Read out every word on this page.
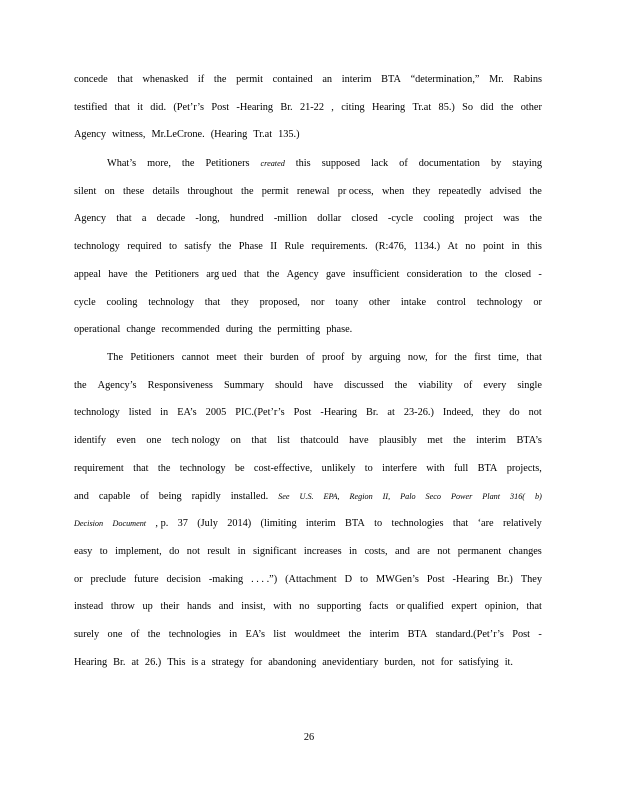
concede that whenasked if the permit contained an interim BTA “determination,” Mr. Rabins
testified that it did. (Pet’r’s Post -Hearing Br. 21-22 , citing Hearing Tr.at 85.) So did the other
Agency witness, Mr.LeCrone. (Hearing Tr.at 135.)
What’s more, the Petitioners created this supposed lack of documentation by staying
silent on these details throughout the permit renewal pr ocess, when they repeatedly advised the
Agency that a decade -long, hundred -million dollar closed -cycle cooling project was the
technology required to satisfy the Phase II Rule requirements. (R:476, 1134.) At no point in this
appeal have the Petitioners arg ued that the Agency gave insufficient consideration to the closed -
cycle cooling technology that they proposed, nor toany other intake control technology or
operational change recommended during the permitting phase.
The Petitioners cannot meet their burden of proof by arguing now, for the first time, that
the Agency’s Responsiveness Summary should have discussed the viability of every single
technology listed in EA’s 2005 PIC.(Pet’r’s Post -Hearing Br. at 23-26.) Indeed, they do not
identify even one tech nology on that list thatcould have plausibly met the interim BTA’s
requirement that the technology be cost-effective, unlikely to interfere with full BTA projects,
and capable of being rapidly installed. See U.S. EPA, Region II, Palo Seco Power Plant 316( b)
Decision Document , p. 37 (July 2014) (limiting interim BTA to technologies that ‘are relatively
easy to implement, do not result in significant increases in costs, and are not permanent changes
or preclude future decision -making . . . .”) (Attachment D to MWGen’s Post -Hearing Br.) They
instead throw up their hands and insist, with no supporting facts or qualified expert opinion, that
surely one of the technologies in EA’s list wouldmeet the interim BTA standard.(Pet’r’s Post -
Hearing Br. at 26.) This is a strategy for abandoning anevidentiary burden, not for satisfying it.
26
